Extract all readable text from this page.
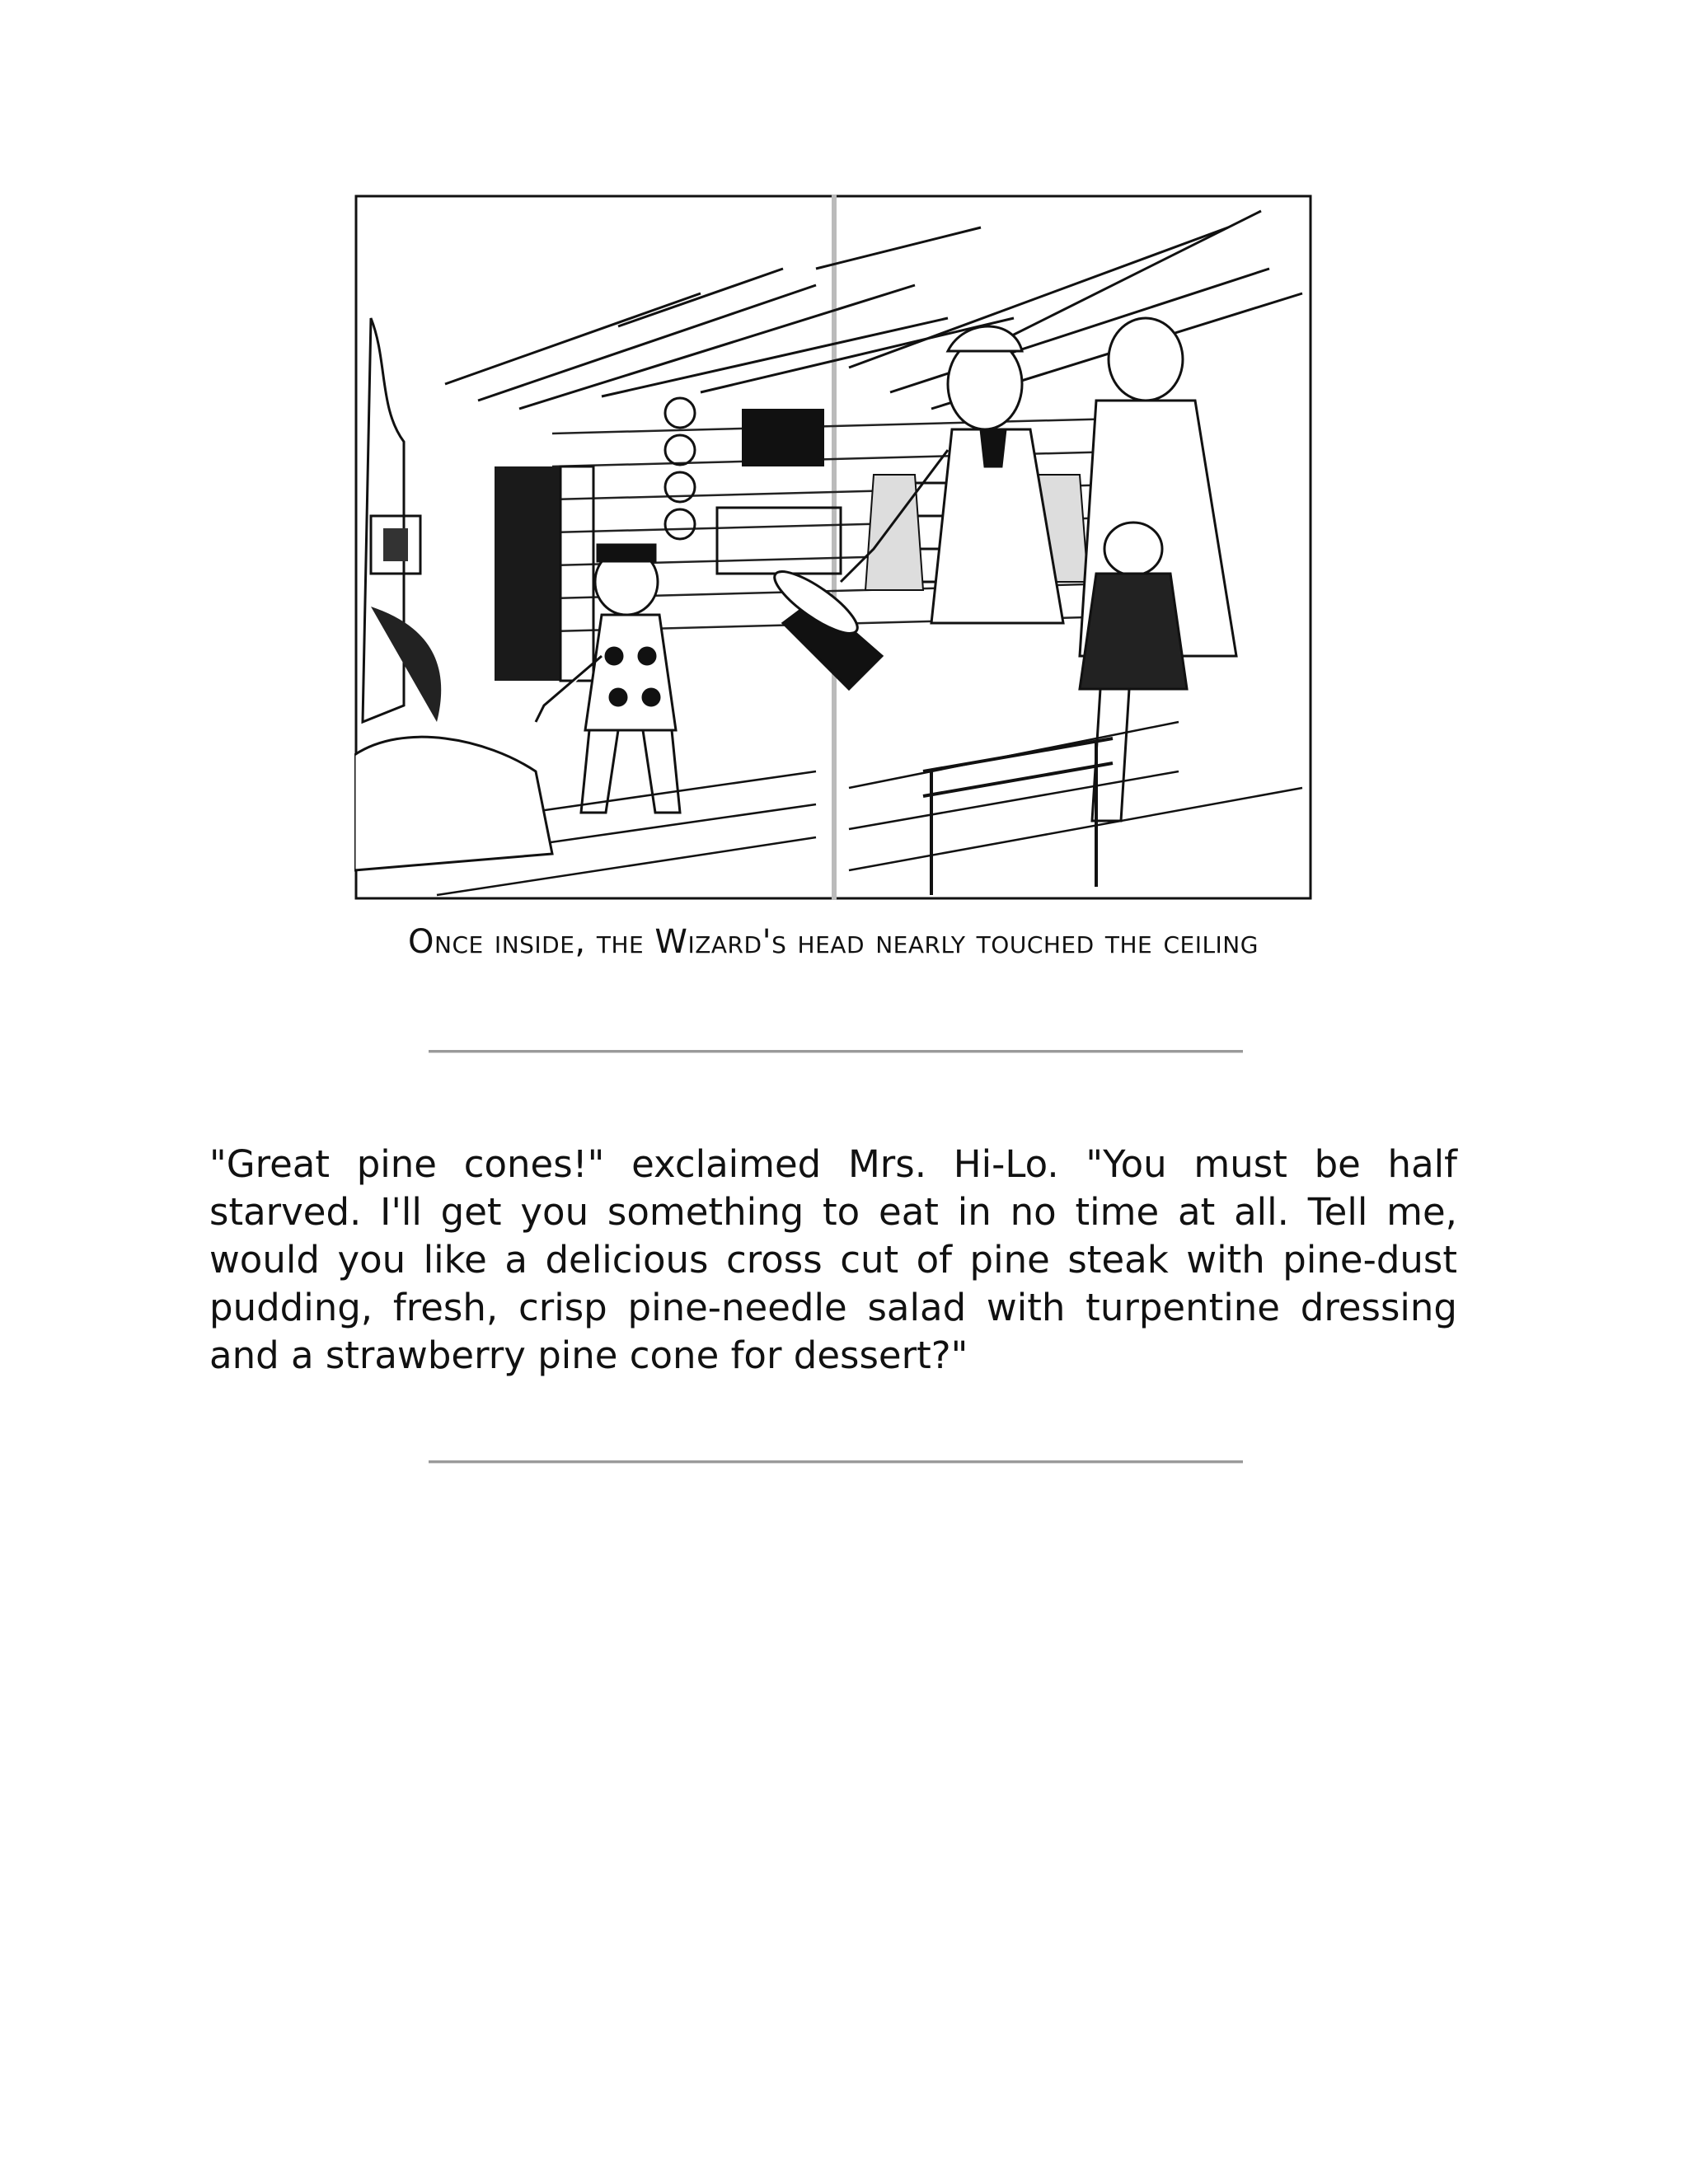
Once inside, the Wizard's head nearly touched the ceiling

"Great pine cones!" exclaimed Mrs. Hi-Lo. "You must be half starved. I'll get you something to eat in no time at all. Tell me, would you like a delicious cross cut of pine steak with pine-dust pudding, fresh, crisp pine-needle salad with turpentine dressing and a strawberry pine cone for dessert?"
